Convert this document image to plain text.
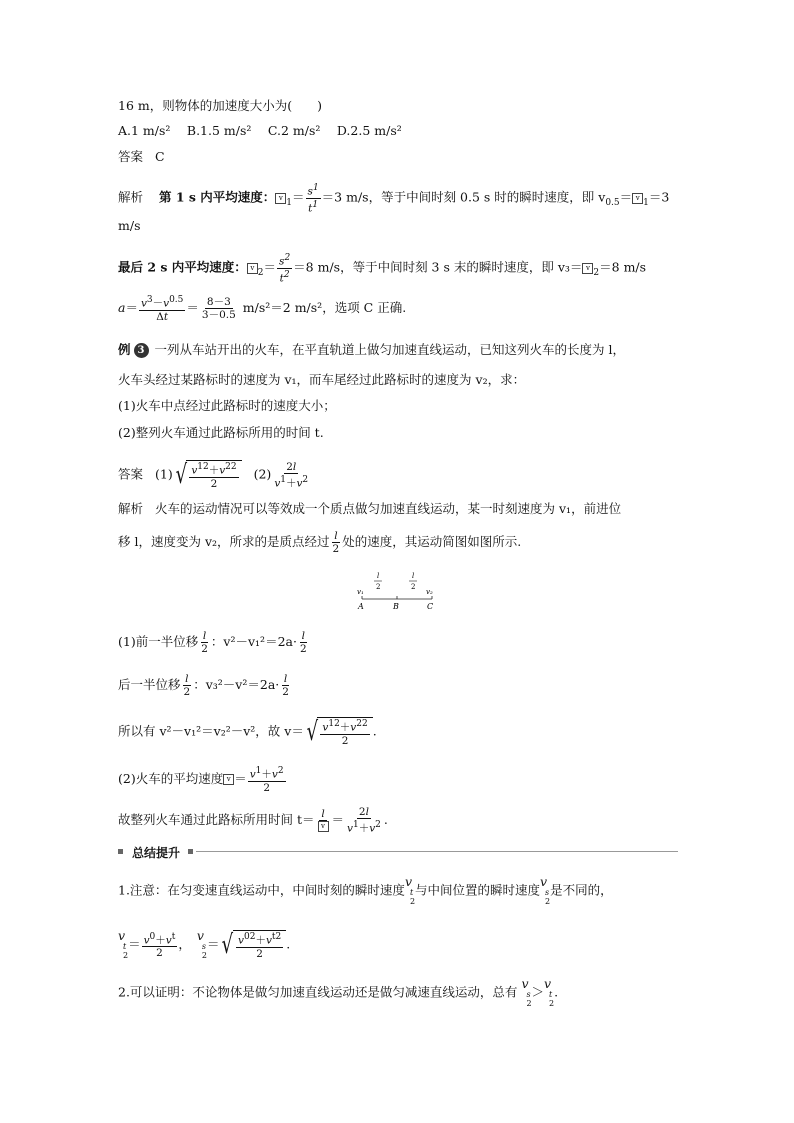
16 m，则物体的加速度大小为(　　)
A.1 m/s² 　B.1.5 m/s² 　C.2 m/s² 　D.2.5 m/s²
答案 C
解析 第 1 s 内平均速度： $v_1= \frac{s1}{t1} =3$ m/s，等于中间时刻 0.5 s 时的瞬时速度，即 $v_{0.5}= v_1=3$
m/s
最后 2 s 内平均速度： $v_2= \frac{s2}{t2} =8$ m/s，等于中间时刻 3 s 末的瞬时速度，即 $v_3= v_2=8$ m/s
$a= \frac{v3-v0.5}{\Delta t} = \frac{8-3}{3-0.5} m/s^2=2$ m/s²，选项 C 正确.
例 3 一列从车站开出的火车，在平直轨道上做匀加速直线运动，已知这列火车的长度为 l，
火车头经过某路标时的速度为 v₁，而车尾经过此路标时的速度为 v₂，求：
(1)火车中点经过此路标时的速度大小；
(2)整列火车通过此路标所用的时间 t.
答案 (1) √ $\frac{v12+v22}{2} (2) \frac{2l}{v1+v2}$
解析 火车的运动情况可以等效成一个质点做匀加速直线运动，某一时刻速度为 v₁，前进位
移 l，速度变为 v₂，所求的是质点经过 $\frac{l}{2}$ 处的速度，其运动简图如图所示.
v₁	v₂
l
2
l
2
A	B	C
(1)前一半位移 $\frac{l}{2}$ ：$v^2-v_1^2=2a\cdot \frac{l}{2}$
后一半位移 $\frac{l}{2}$ ：$v_3^2-v^2=2a\cdot \frac{l}{2}$
所以有 v²－v₁²＝v₂²－v²，故 v＝ √ $\frac{v12+v22}{2}$ .
(2)火车的平均速度 $v = \frac{v1+v2}{2}$
故整列火车通过此路标所用时间 $t= \frac{l}{v} = \frac{2l}{v1+v2}$ .
总结提升
1.注意：在匀变速直线运动中，中间时刻的瞬时速度
v
t
2
与中间位置的瞬时速度
v
s
2
是不同的，
v
t
2
＝ $\frac{v0+vt}{2}$ ，
v
s
2
＝ √ $\frac{v02+vt2}{2}$ .
2.可以证明：不论物体是做匀加速直线运动还是做匀减速直线运动，总有
v
s
2
＞
v
t
2
.
